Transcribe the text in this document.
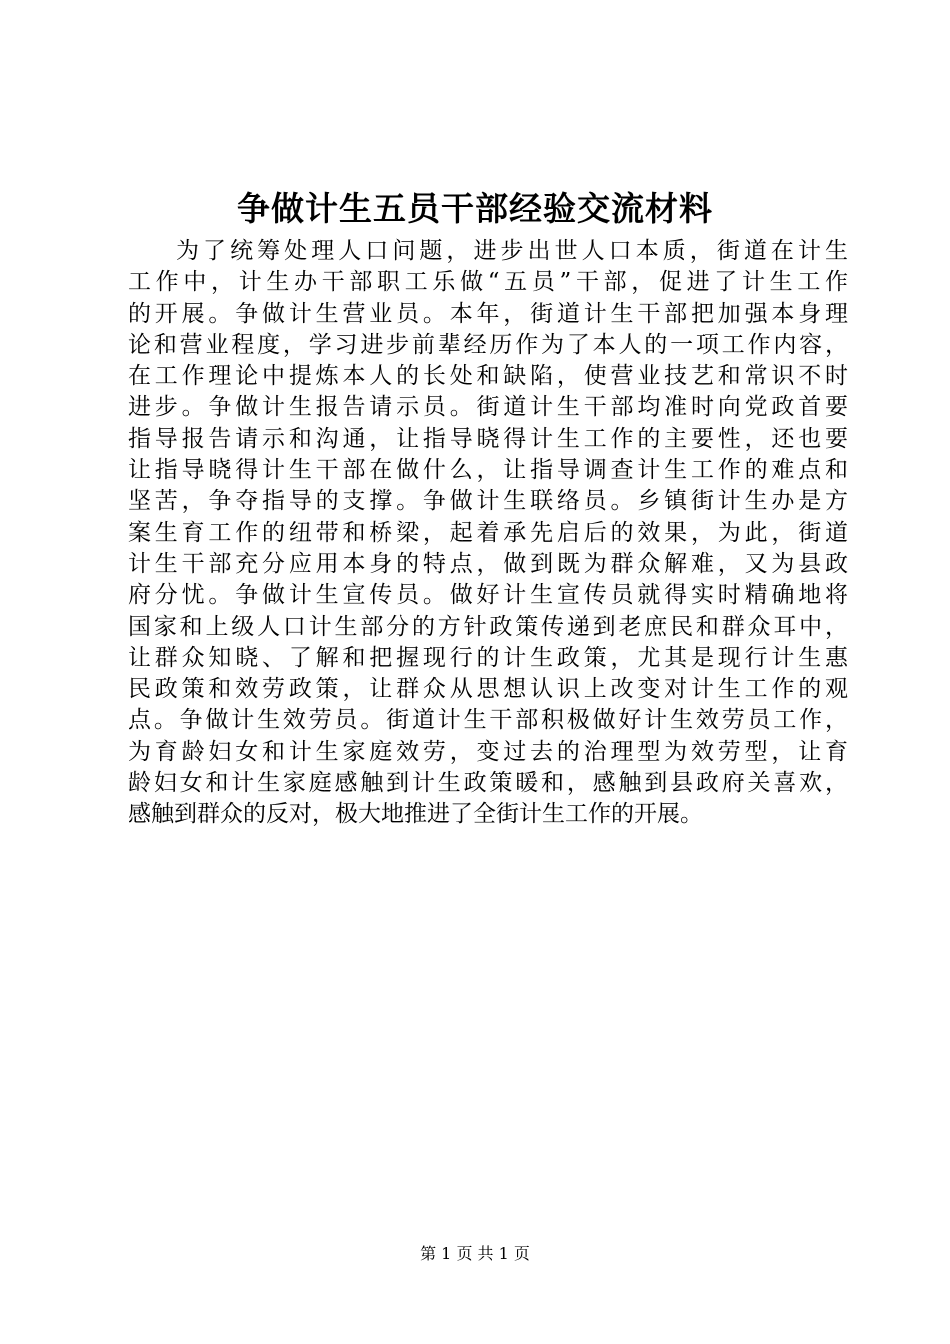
争做计生五员干部经验交流材料
为了统筹处理人口问题，进步出世人口本质，街道在计生
工作中，计生办干部职工乐做“五员”干部，促进了计生工作
的开展。争做计生营业员。本年，街道计生干部把加强本身理
论和营业程度，学习进步前辈经历作为了本人的一项工作内容，
在工作理论中提炼本人的长处和缺陷，使营业技艺和常识不时
进步。争做计生报告请示员。街道计生干部均准时向党政首要
指导报告请示和沟通，让指导晓得计生工作的主要性，还也要
让指导晓得计生干部在做什么，让指导调查计生工作的难点和
坚苦，争夺指导的支撑。争做计生联络员。乡镇街计生办是方
案生育工作的纽带和桥梁，起着承先启后的效果，为此，街道
计生干部充分应用本身的特点，做到既为群众解难，又为县政
府分忧。争做计生宣传员。做好计生宣传员就得实时精确地将
国家和上级人口计生部分的方针政策传递到老庶民和群众耳中，
让群众知晓、了解和把握现行的计生政策，尤其是现行计生惠
民政策和效劳政策，让群众从思想认识上改变对计生工作的观
点。争做计生效劳员。街道计生干部积极做好计生效劳员工作，
为育龄妇女和计生家庭效劳，变过去的治理型为效劳型，让育
龄妇女和计生家庭感触到计生政策暖和，感触到县政府关喜欢，
感触到群众的反对，极大地推进了全街计生工作的开展。
第 1 页 共 1 页
